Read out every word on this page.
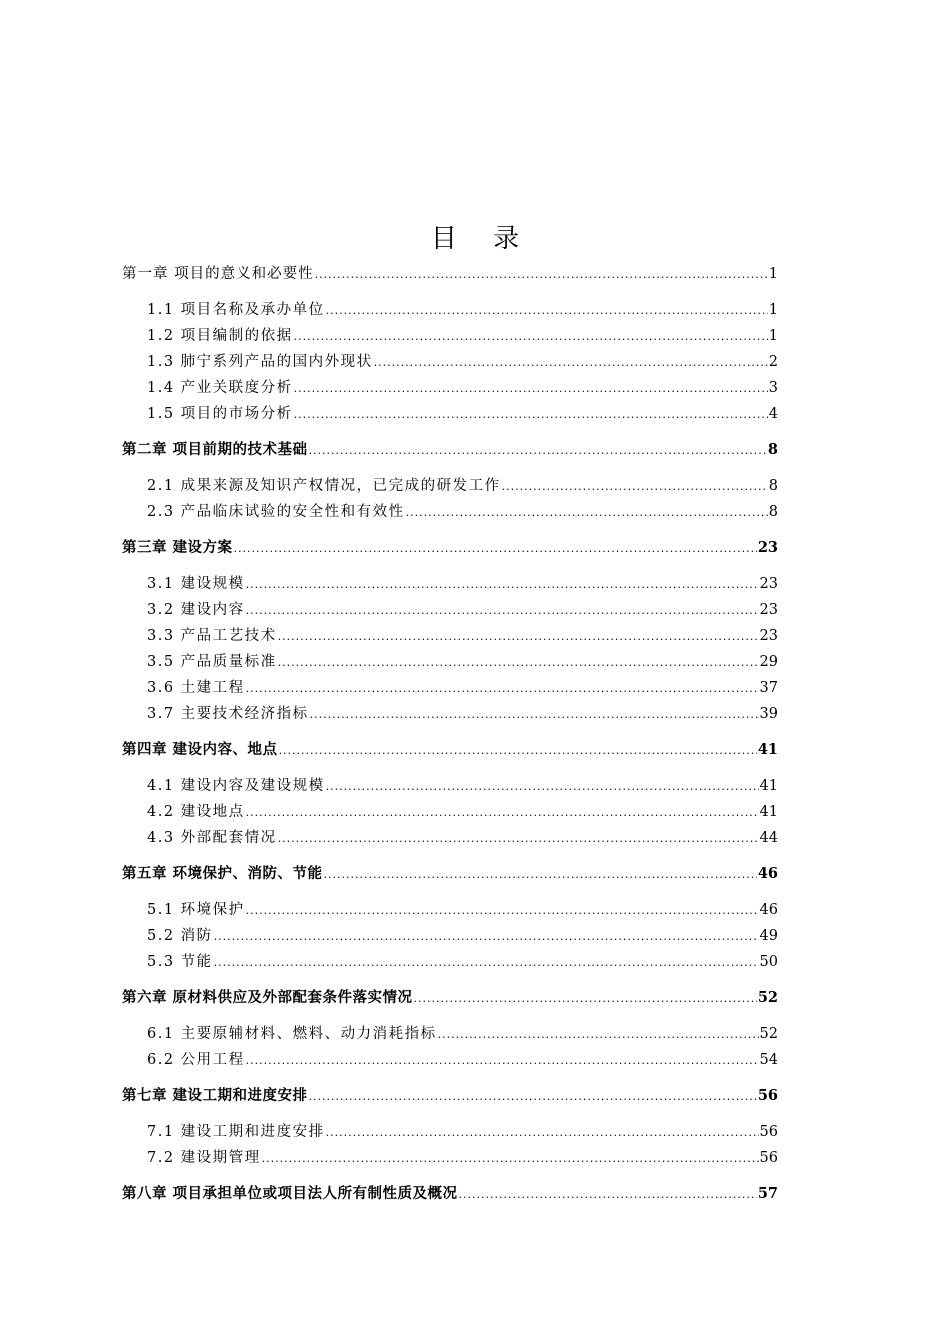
目 录
第一章 项目的意义和必要性 .....	1
1.1 项目名称及承办单位 .....	1
1.2 项目编制的依据 .....	1
1.3 肺宁系列产品的国内外现状 .....	2
1.4 产业关联度分析 .....	3
1.5 项目的市场分析 .....	4
第二章 项目前期的技术基础 .....	8
2.1 成果来源及知识产权情况，已完成的研发工作 .....	8
2.3 产品临床试验的安全性和有效性 .....	8
第三章 建设方案 .....	23
3.1 建设规模 .....	23
3.2 建设内容 .....	23
3.3 产品工艺技术 .....	23
3.5 产品质量标准 .....	29
3.6 土建工程 .....	37
3.7 主要技术经济指标 .....	39
第四章 建设内容、地点 .....	41
4.1 建设内容及建设规模 .....	41
4.2 建设地点 .....	41
4.3 外部配套情况 .....	44
第五章 环境保护、消防、节能 .....	46
5.1 环境保护 .....	46
5.2 消防 .....	49
5.3 节能 .....	50
第六章 原材料供应及外部配套条件落实情况 .....	52
6.1 主要原辅材料、燃料、动力消耗指标 .....	52
6.2 公用工程 .....	54
第七章 建设工期和进度安排 .....	56
7.1 建设工期和进度安排 .....	56
7.2 建设期管理 .....	56
第八章 项目承担单位或项目法人所有制性质及概况 .....	57
